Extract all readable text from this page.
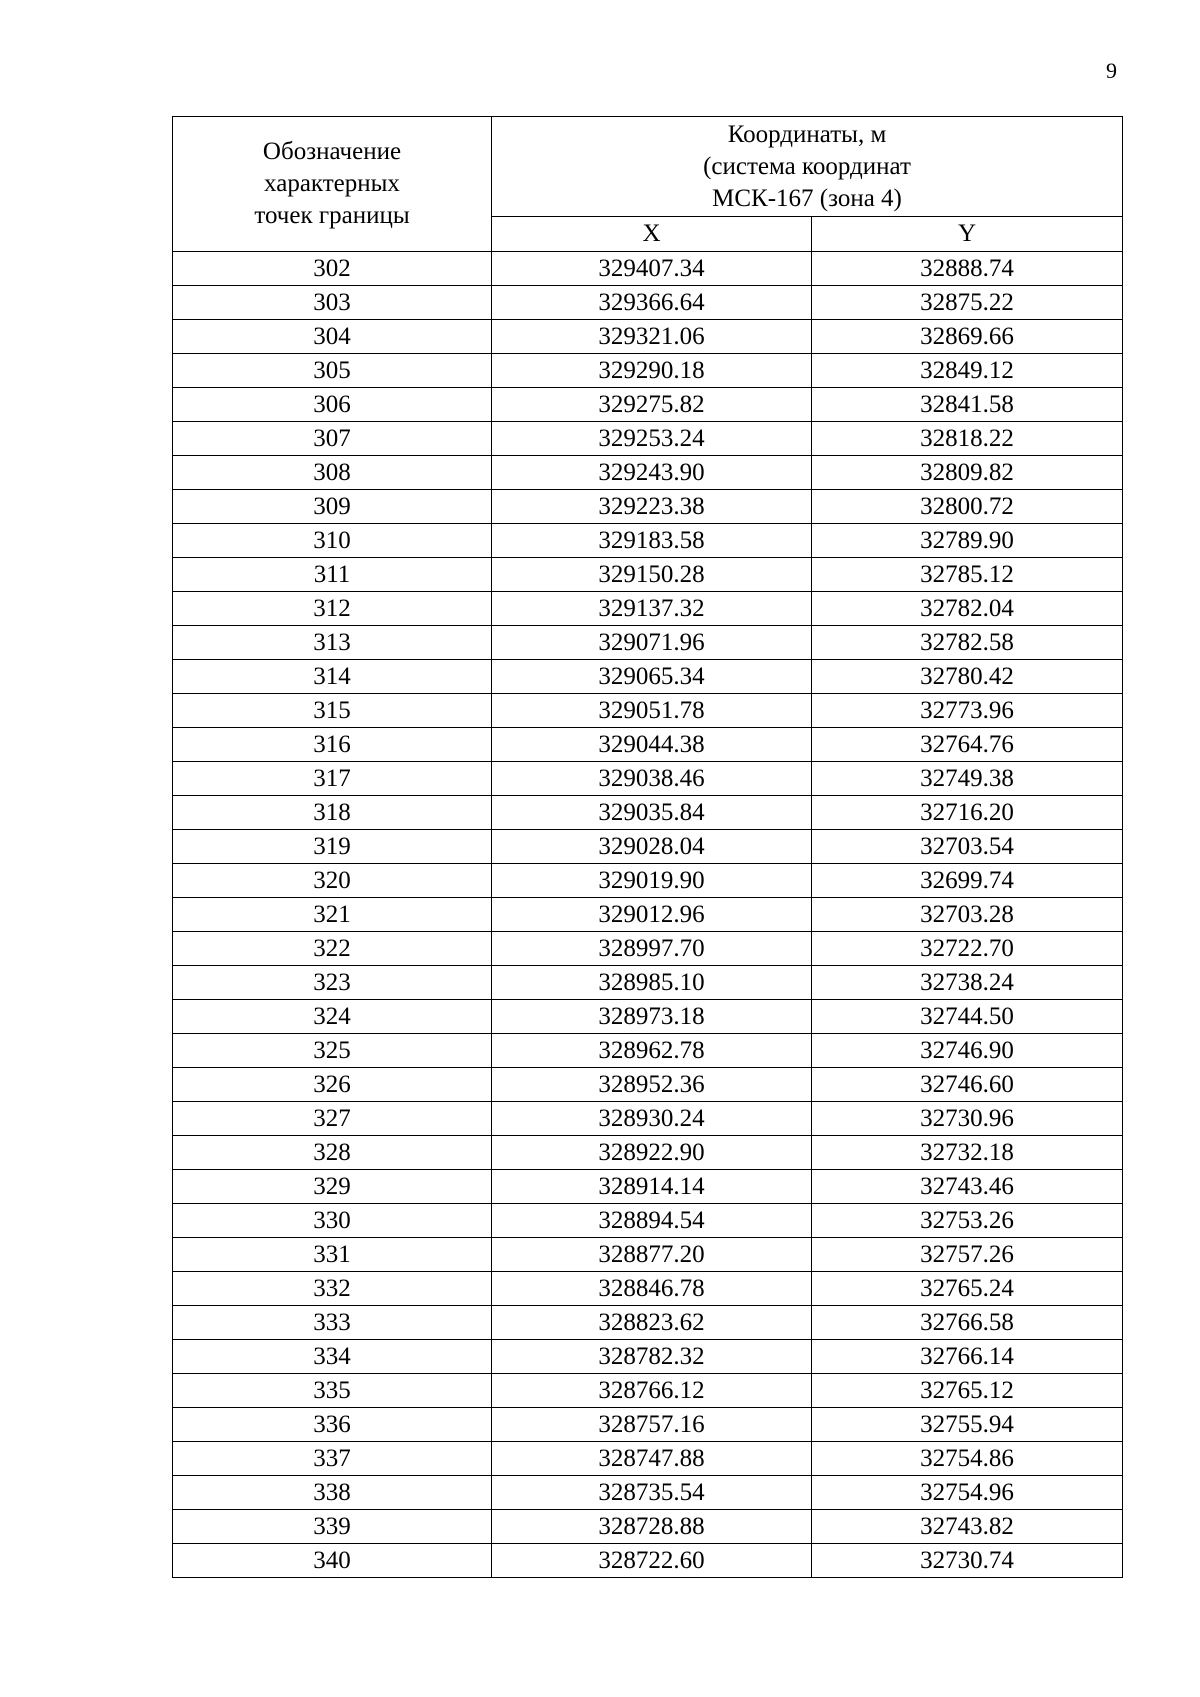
9
Обозначение
характерных
точек границы	Координаты, м
(система координат
МСК-167 (зона 4)	
	X	Y
302	329407.34	32888.74
303	329366.64	32875.22
304	329321.06	32869.66
305	329290.18	32849.12
306	329275.82	32841.58
307	329253.24	32818.22
308	329243.90	32809.82
309	329223.38	32800.72
310	329183.58	32789.90
311	329150.28	32785.12
312	329137.32	32782.04
313	329071.96	32782.58
314	329065.34	32780.42
315	329051.78	32773.96
316	329044.38	32764.76
317	329038.46	32749.38
318	329035.84	32716.20
319	329028.04	32703.54
320	329019.90	32699.74
321	329012.96	32703.28
322	328997.70	32722.70
323	328985.10	32738.24
324	328973.18	32744.50
325	328962.78	32746.90
326	328952.36	32746.60
327	328930.24	32730.96
328	328922.90	32732.18
329	328914.14	32743.46
330	328894.54	32753.26
331	328877.20	32757.26
332	328846.78	32765.24
333	328823.62	32766.58
334	328782.32	32766.14
335	328766.12	32765.12
336	328757.16	32755.94
337	328747.88	32754.86
338	328735.54	32754.96
339	328728.88	32743.82
340	328722.60	32730.74
